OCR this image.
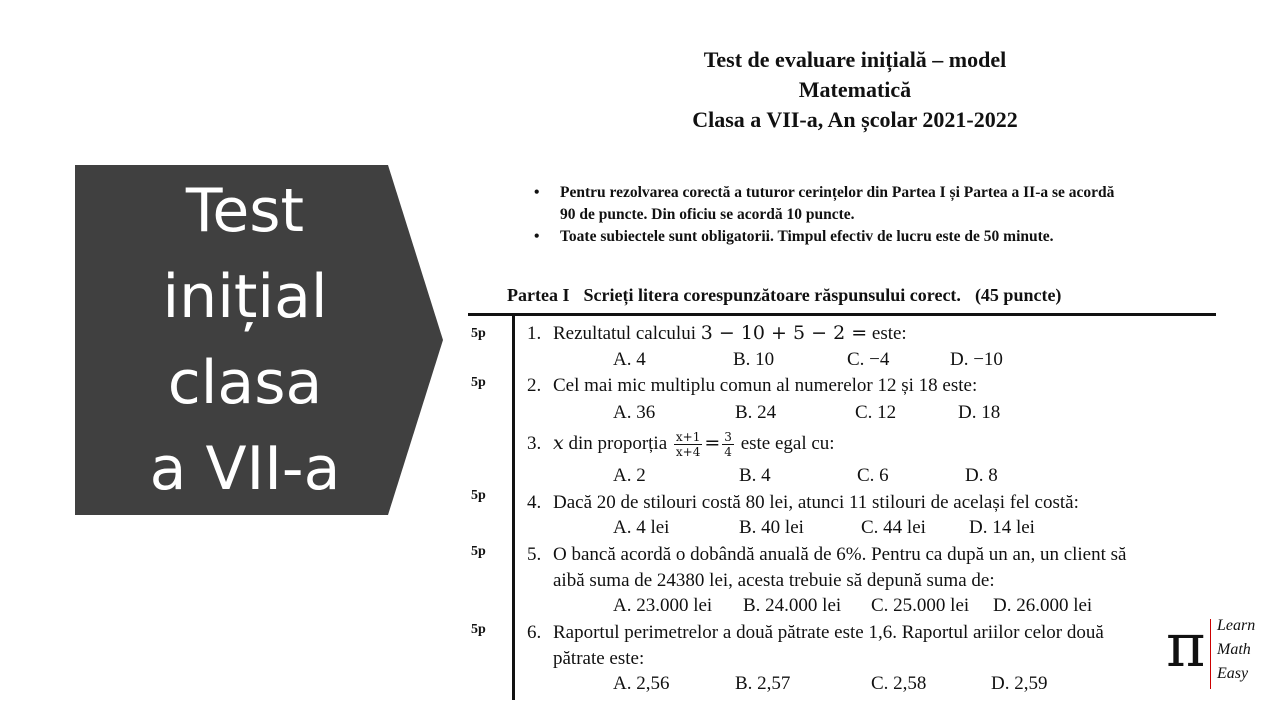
Test
inițial
clasa
a VII-a
Test de evaluare inițială – model
Matematică
Clasa a VII-a, An școlar 2021-2022
• Pentru rezolvarea corectă a tuturor cerințelor din Partea I și Partea a II-a se acordă
90 de puncte. Din oficiu se acordă 10 puncte.
• Toate subiectele sunt obligatorii. Timpul efectiv de lucru este de 50 minute.
Partea I Scrieți litera corespunzătoare răspunsului corect. (45 puncte)
5p
5p
5p
5p
5p
1. Rezultatul calcului 3 − 10 + 5 − 2 = este:
A. 4	B. 10	C. −4	D. −10
2. Cel mai mic multiplu comun al numerelor 12 și 18 este:
A. 36	B. 24	C. 12	D. 18
3. x din proporția $\frac{x+1}{x+4} = \frac{3}{4}$ este egal cu:
A. 2	B. 4	C. 6	D. 8
4. Dacă 20 de stilouri costă 80 lei, atunci 11 stilouri de același fel costă:
A. 4 lei	B. 40 lei	C. 44 lei D. 14 lei
5. O bancă acordă o dobândă anuală de 6%. Pentru ca după un an, un client să
aibă suma de 24380 lei, acesta trebuie să depună suma de:
A. 23.000 lei B. 24.000 lei C. 25.000 lei D. 26.000 lei
6. Raportul perimetrelor a două pătrate este 1,6. Raportul ariilor celor două
pătrate este:
A. 2,56	B. 2,57	C. 2,58	D. 2,59
π Learn
Math
Easy
